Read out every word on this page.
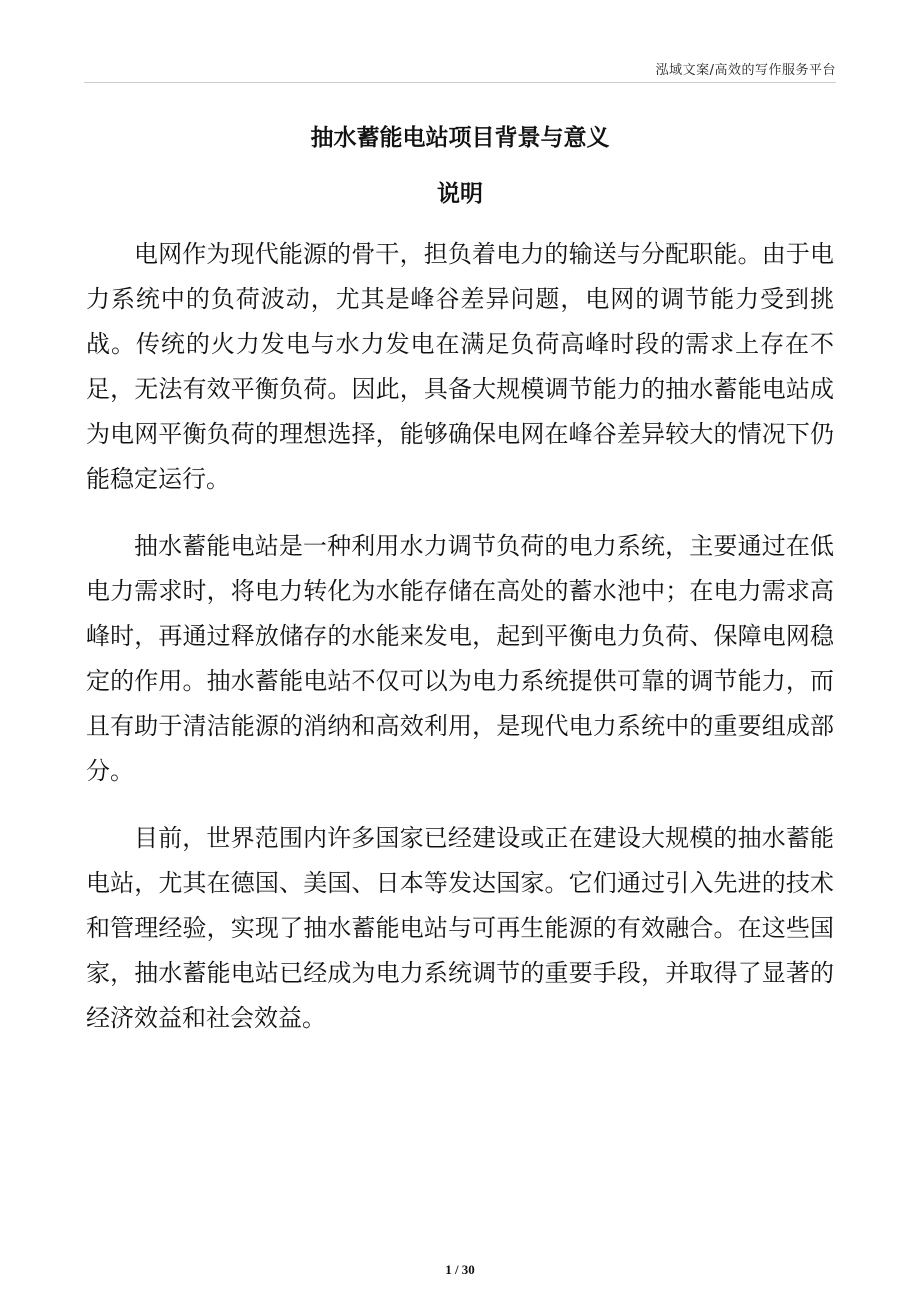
泓域文案/高效的写作服务平台
抽水蓄能电站项目背景与意义
说明

电网作为现代能源的骨干，担负着电力的输送与分配职能。由于电力系统中的负荷波动，尤其是峰谷差异问题，电网的调节能力受到挑战。传统的火力发电与水力发电在满足负荷高峰时段的需求上存在不足，无法有效平衡负荷。因此，具备大规模调节能力的抽水蓄能电站成为电网平衡负荷的理想选择，能够确保电网在峰谷差异较大的情况下仍能稳定运行。

抽水蓄能电站是一种利用水力调节负荷的电力系统，主要通过在低电力需求时，将电力转化为水能存储在高处的蓄水池中；在电力需求高峰时，再通过释放储存的水能来发电，起到平衡电力负荷、保障电网稳定的作用。抽水蓄能电站不仅可以为电力系统提供可靠的调节能力，而且有助于清洁能源的消纳和高效利用，是现代电力系统中的重要组成部分。

目前，世界范围内许多国家已经建设或正在建设大规模的抽水蓄能电站，尤其在德国、美国、日本等发达国家。它们通过引入先进的技术和管理经验，实现了抽水蓄能电站与可再生能源的有效融合。在这些国家，抽水蓄能电站已经成为电力系统调节的重要手段，并取得了显著的经济效益和社会效益。

1 / 30
